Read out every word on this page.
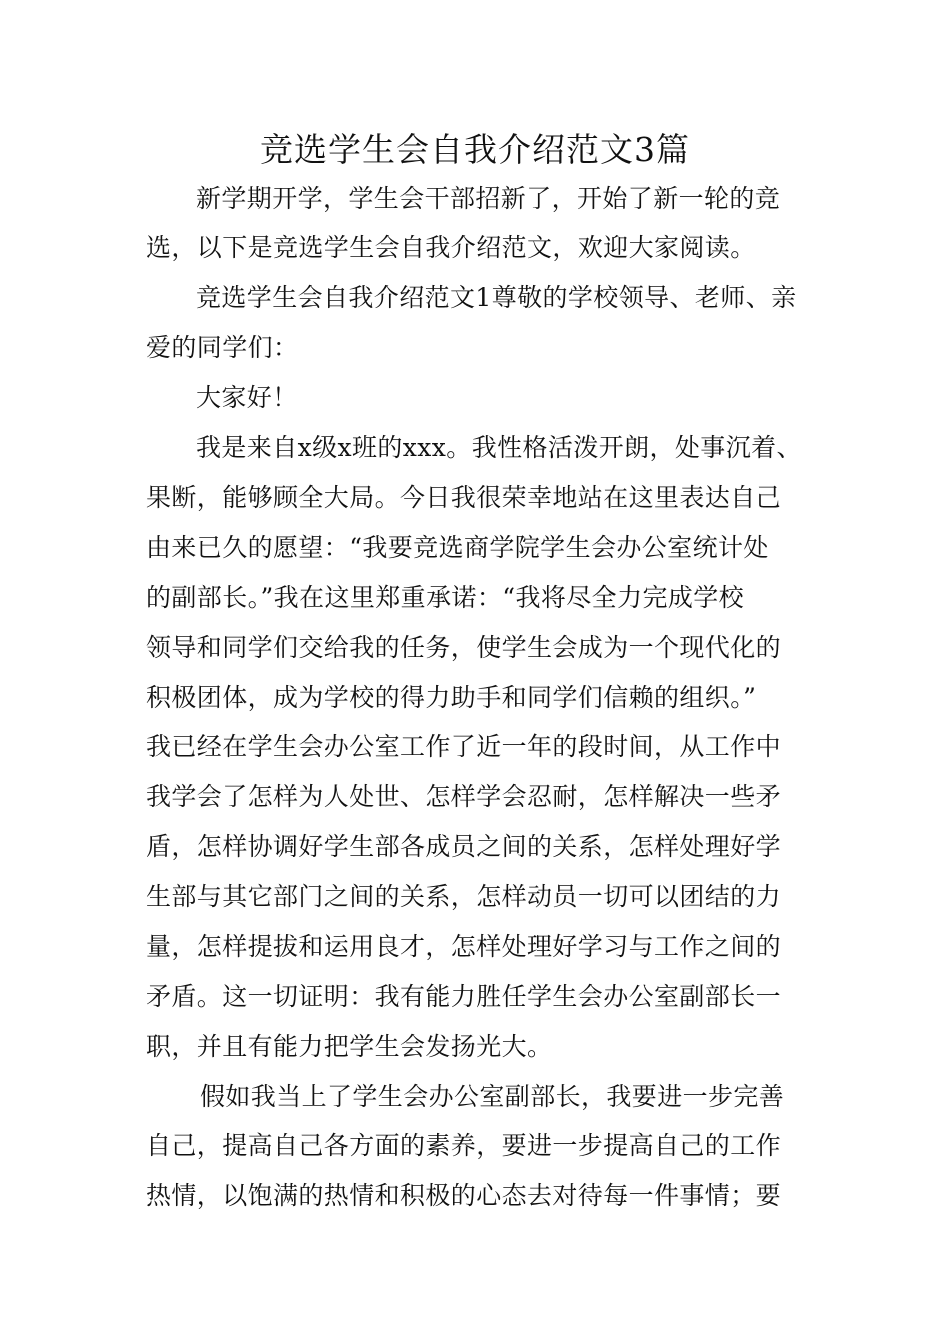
竞选学生会自我介绍范文3篇
新学期开学，学生会干部招新了，开始了新一轮的竞
选，以下是竞选学生会自我介绍范文，欢迎大家阅读。
竞选学生会自我介绍范文1尊敬的学校领导、老师、亲
爱的同学们：
大家好！
我是来自x级x班的xxx。我性格活泼开朗，处事沉着、
果断，能够顾全大局。今日我很荣幸地站在这里表达自己
由来已久的愿望：“我要竞选商学院学生会办公室统计处
的副部长。”我在这里郑重承诺：“我将尽全力完成学校
领导和同学们交给我的任务，使学生会成为一个现代化的
积极团体，成为学校的得力助手和同学们信赖的组织。”
我已经在学生会办公室工作了近一年的段时间，从工作中
我学会了怎样为人处世、怎样学会忍耐，怎样解决一些矛
盾，怎样协调好学生部各成员之间的关系，怎样处理好学
生部与其它部门之间的关系，怎样动员一切可以团结的力
量，怎样提拔和运用良才，怎样处理好学习与工作之间的
矛盾。这一切证明：我有能力胜任学生会办公室副部长一
职，并且有能力把学生会发扬光大。
假如我当上了学生会办公室副部长，我要进一步完善
自己，提高自己各方面的素养，要进一步提高自己的工作
热情，以饱满的热情和积极的心态去对待每一件事情；要
